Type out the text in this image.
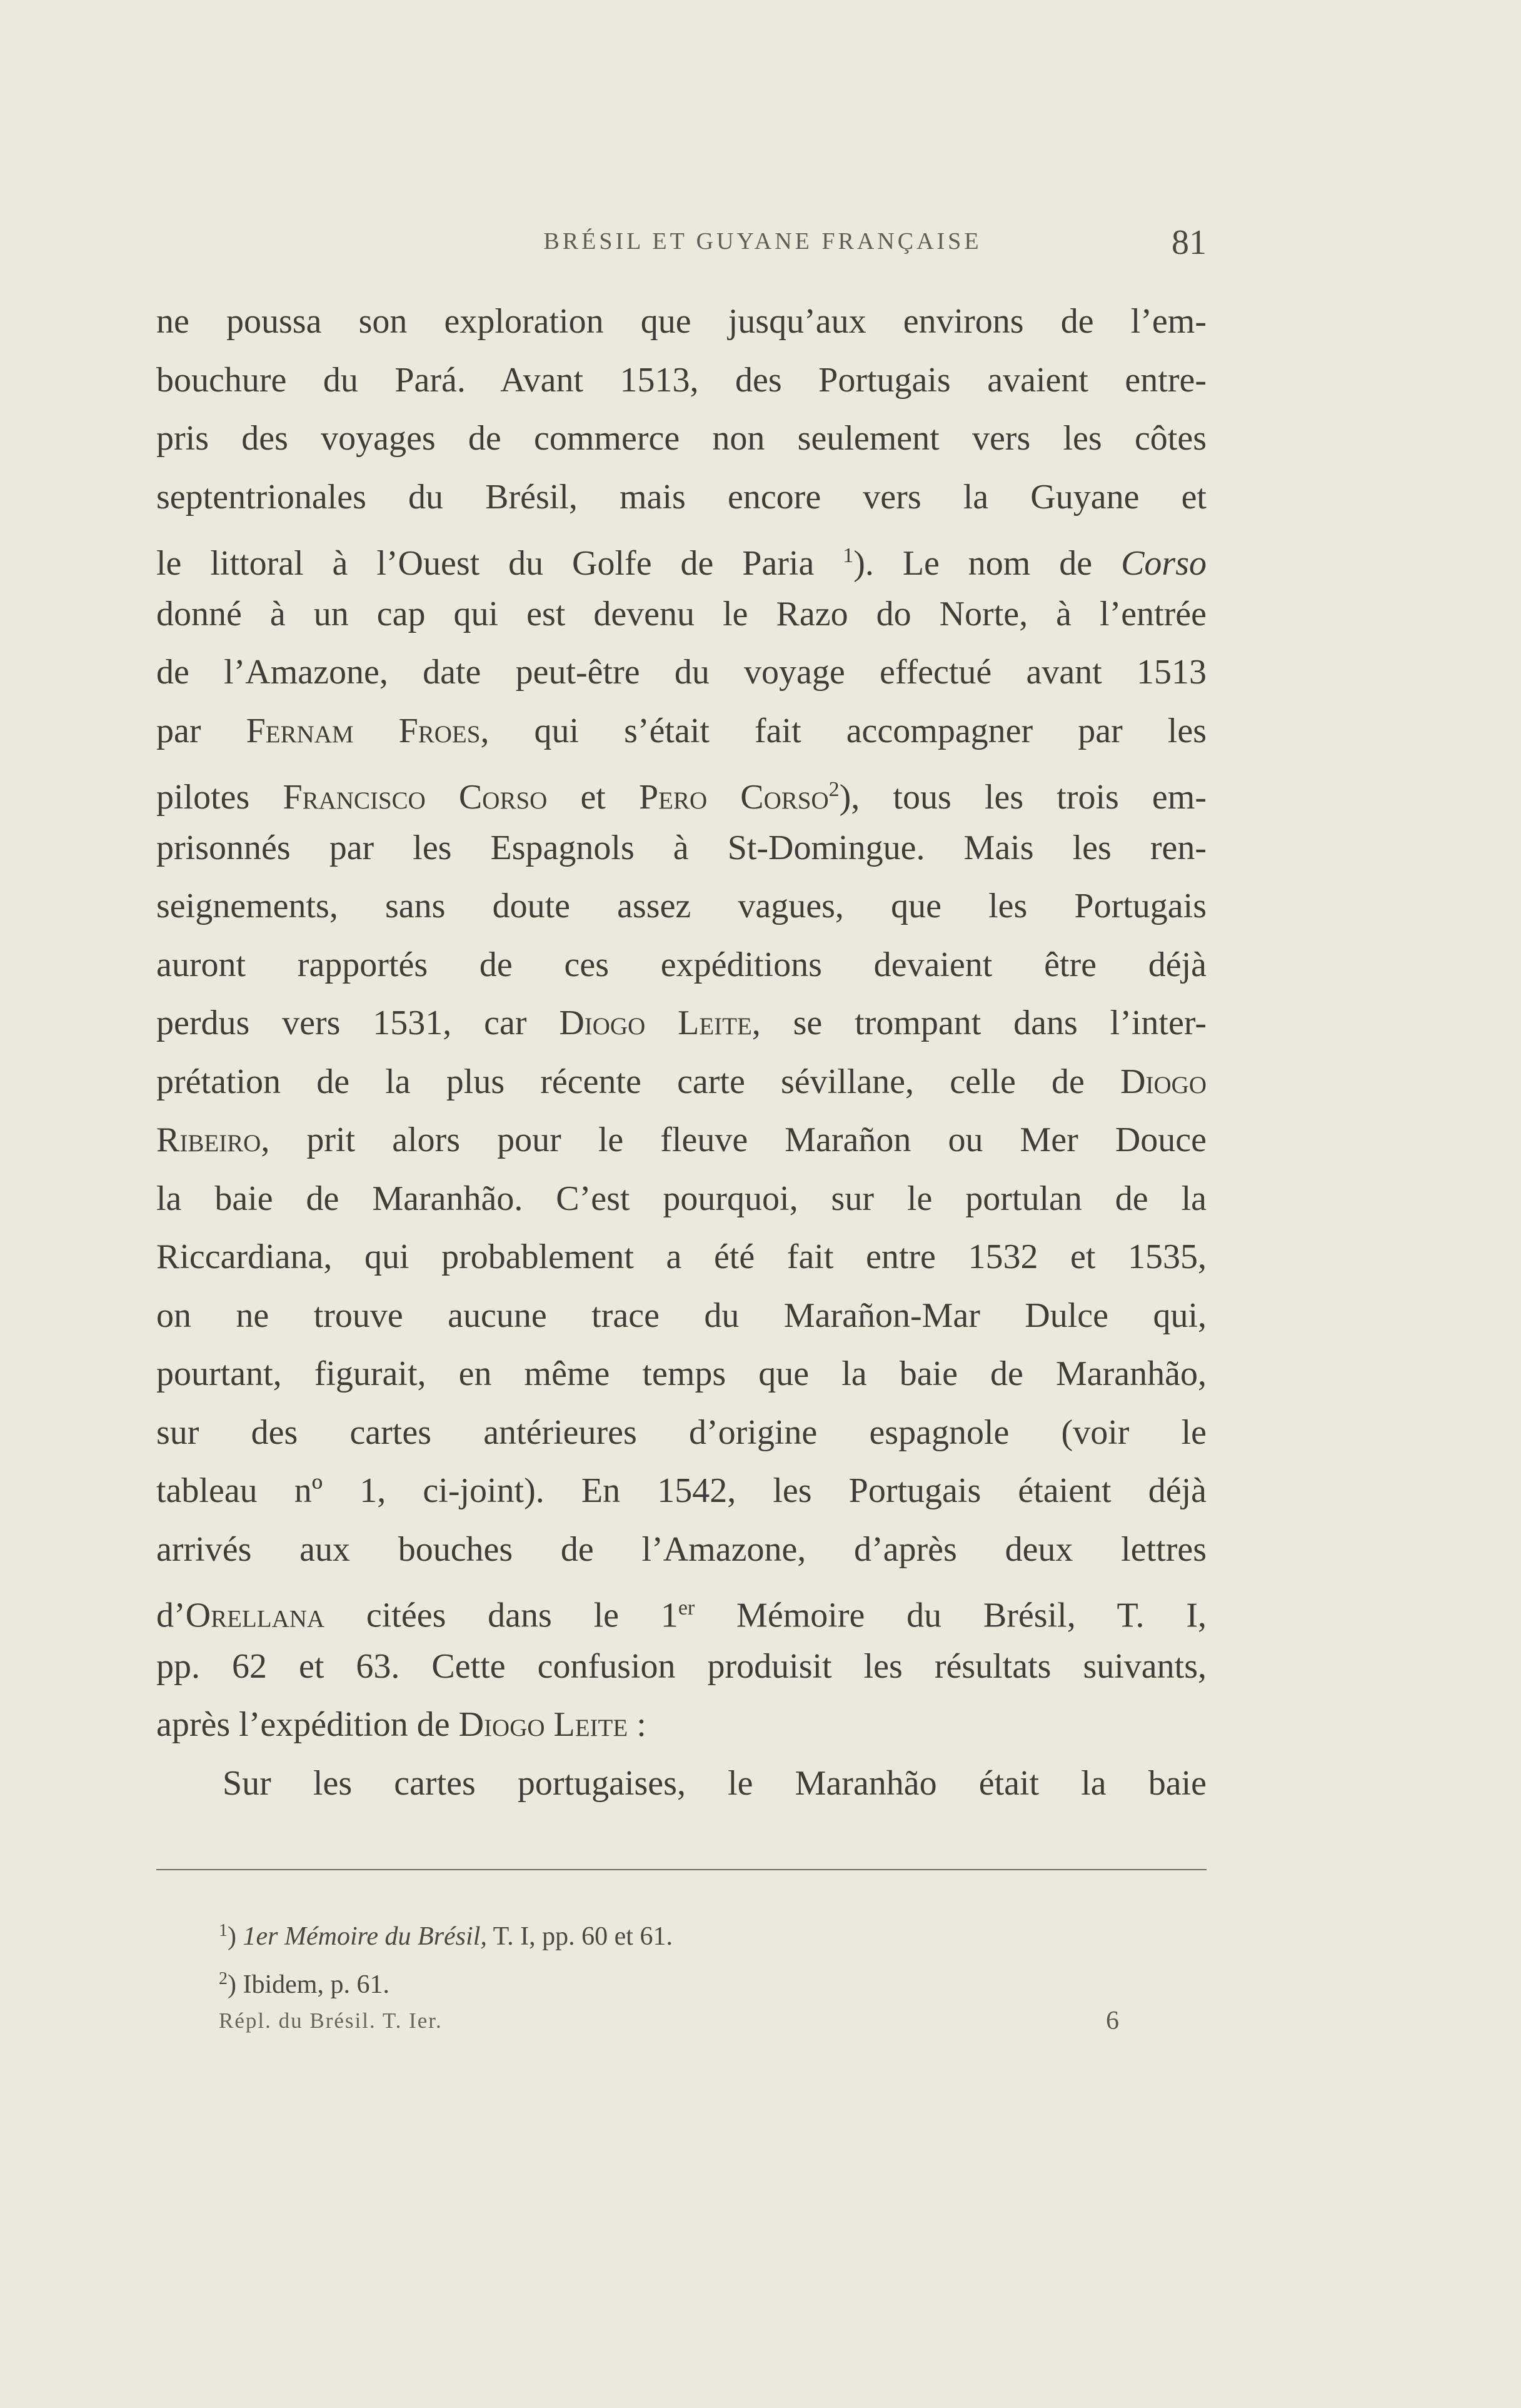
BRÉSIL ET GUYANE FRANÇAISE	81
ne poussa son exploration que jusqu’aux environs de l’em-
bouchure du Pará. Avant 1513, des Portugais avaient entre-
pris des voyages de commerce non seulement vers les côtes
septentrionales du Brésil, mais encore vers la Guyane et
le littoral à l’Ouest du Golfe de Paria $^1$). Le nom de Corso
donné à un cap qui est devenu le Razo do Norte, à l’entrée
de l’Amazone, date peut-être du voyage effectué avant 1513
par Fernam Froes, qui s’était fait accompagner par les
pilotes Francisco Corso et Pero Corso$^2$), tous les trois em-
prisonnés par les Espagnols à St-Domingue. Mais les ren-
seignements, sans doute assez vagues, que les Portugais
auront rapportés de ces expéditions devaient être déjà
perdus vers 1531, car Diogo Leite, se trompant dans l’inter-
prétation de la plus récente carte sévillane, celle de Diogo
Ribeiro, prit alors pour le fleuve Marañon ou Mer Douce
la baie de Maranhão. C’est pourquoi, sur le portulan de la
Riccardiana, qui probablement a été fait entre 1532 et 1535,
on ne trouve aucune trace du Marañon-Mar Dulce qui,
pourtant, figurait, en même temps que la baie de Maranhão,
sur des cartes antérieures d’origine espagnole (voir le
tableau nº 1, ci-joint). En 1542, les Portugais étaient déjà
arrivés aux bouches de l’Amazone, d’après deux lettres
d’Orellana citées dans le 1er Mémoire du Brésil, T. I,
pp. 62 et 63. Cette confusion produisit les résultats suivants,
après l’expédition de Diogo Leite :
Sur les cartes portugaises, le Maranhão était la baie
$^1$) 1er Mémoire du Brésil, T. I, pp. 60 et 61.
$^2$) Ibidem, p. 61.
Répl. du Brésil. T. Ier.	6
